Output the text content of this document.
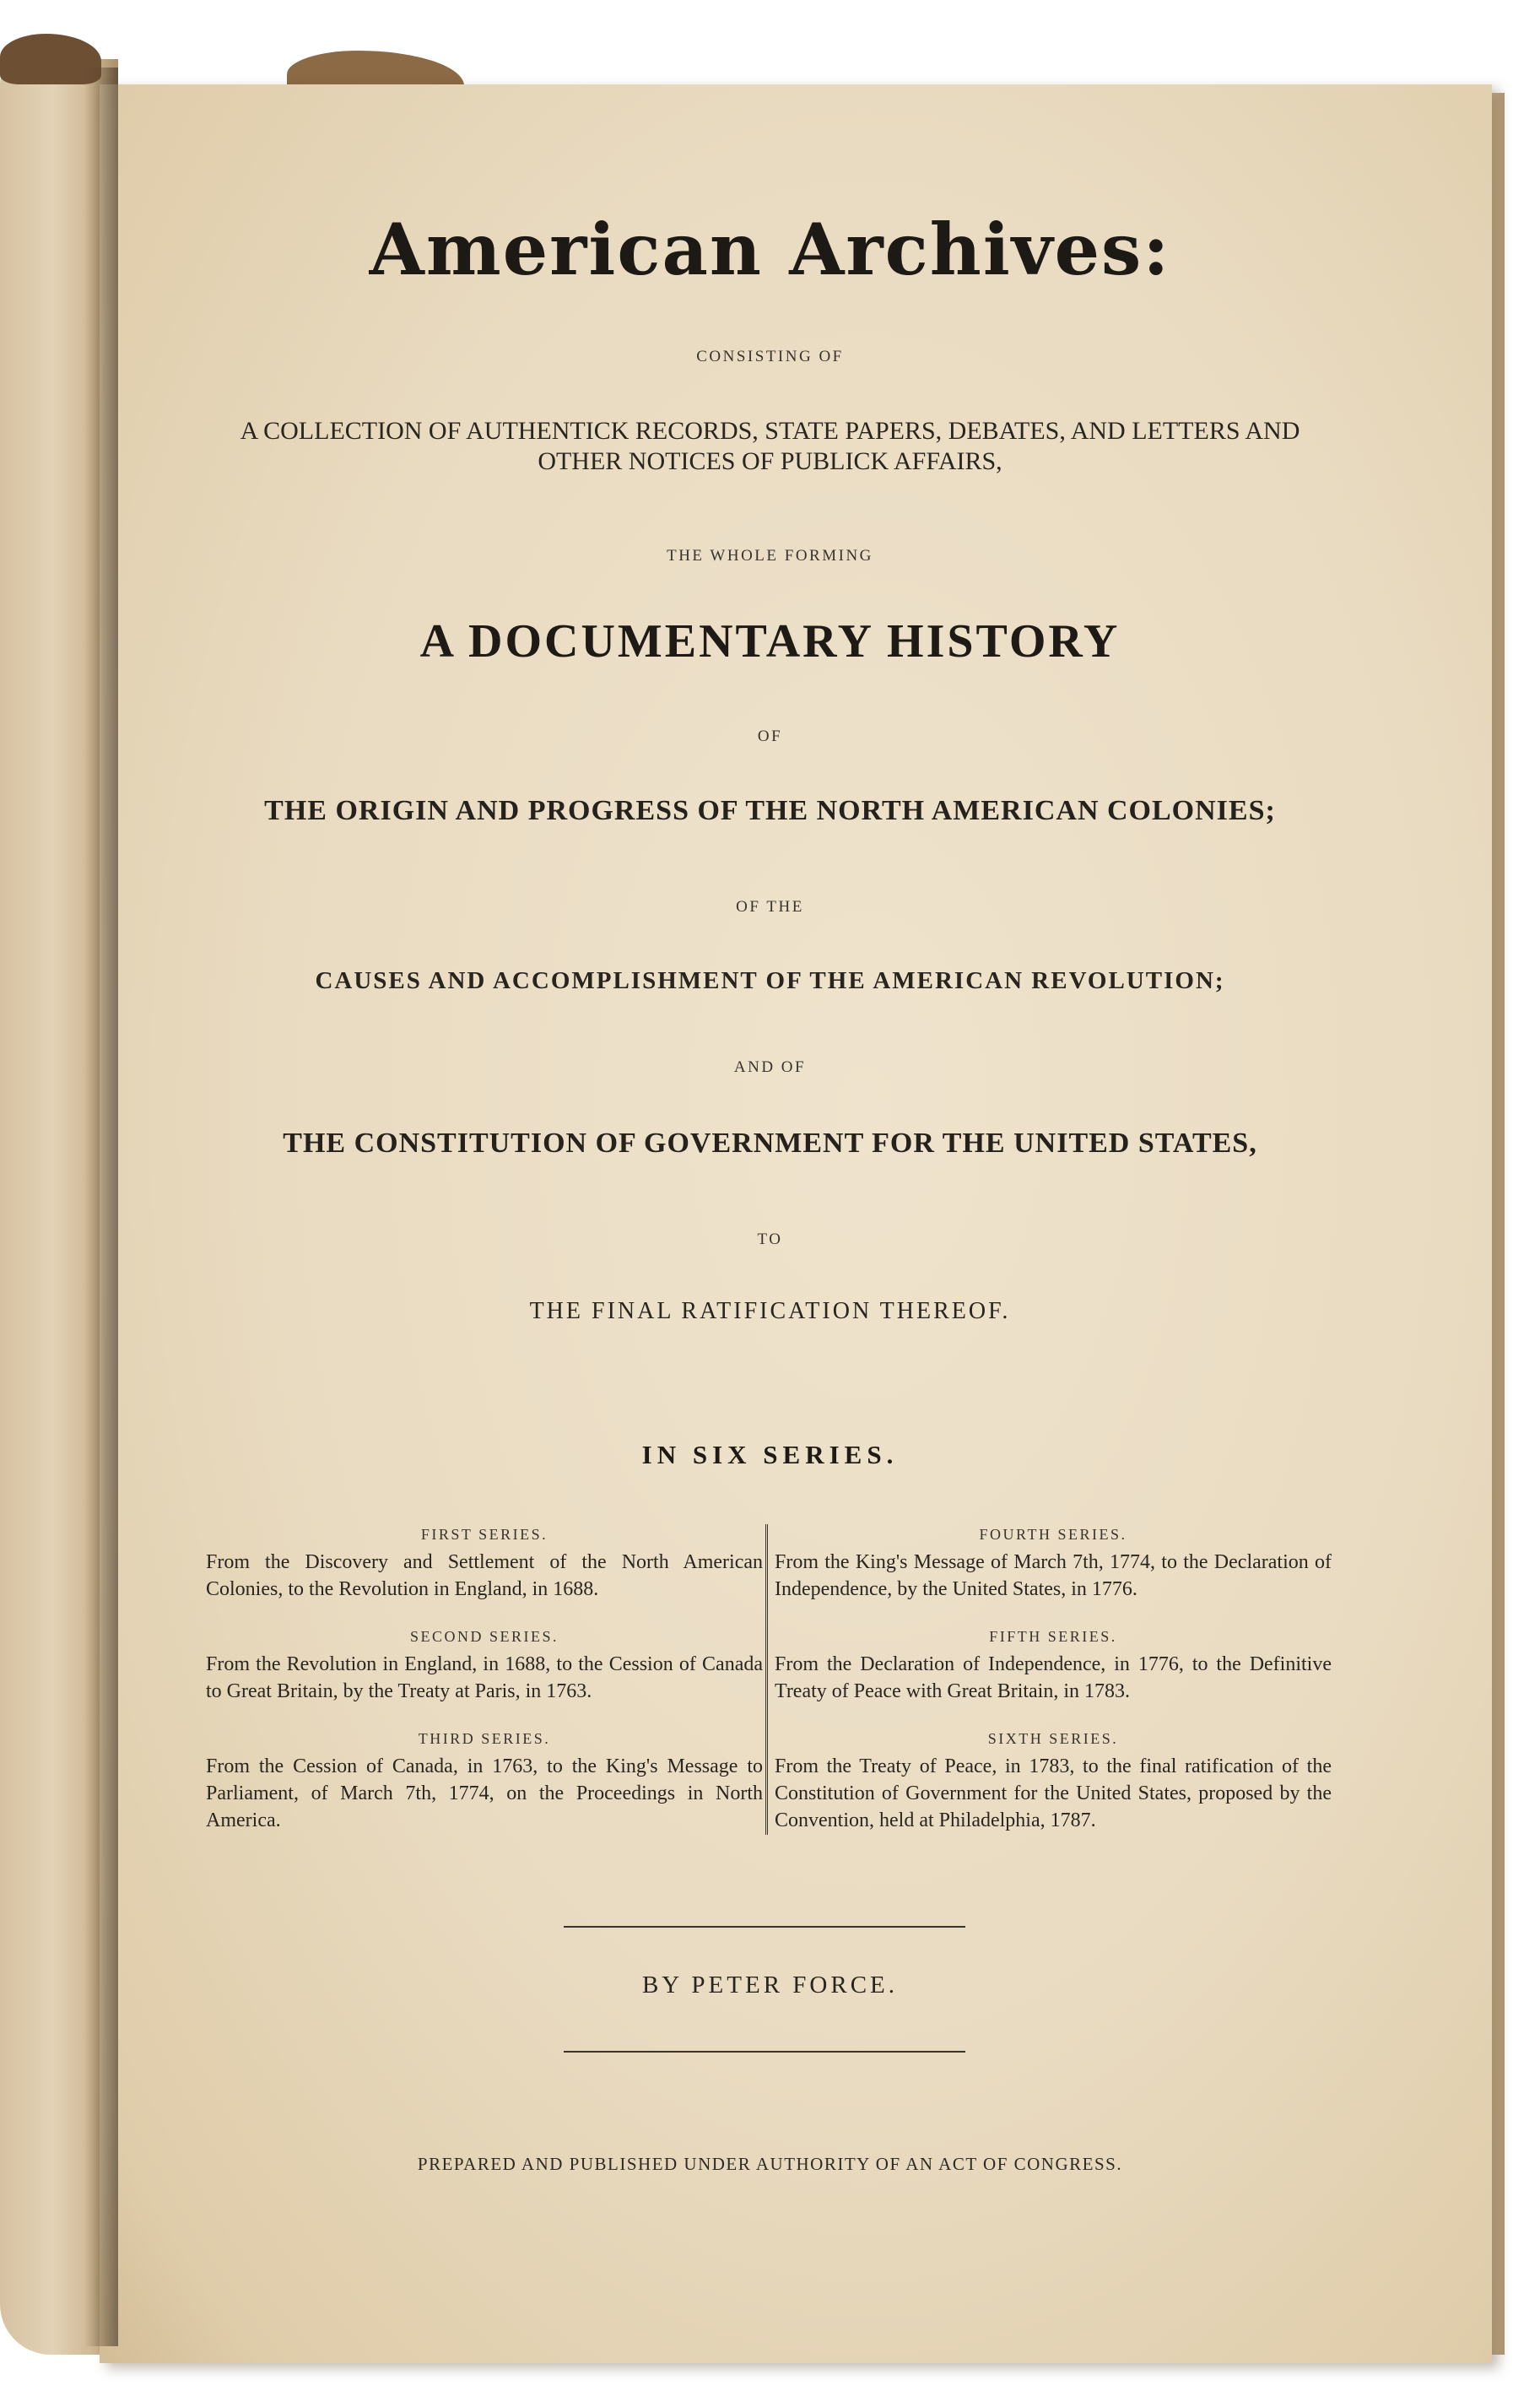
American Archives:
CONSISTING OF
A COLLECTION OF AUTHENTICK RECORDS, STATE PAPERS, DEBATES, AND LETTERS AND
OTHER NOTICES OF PUBLICK AFFAIRS,
THE WHOLE FORMING
A DOCUMENTARY HISTORY
OF
THE ORIGIN AND PROGRESS OF THE NORTH AMERICAN COLONIES;
OF THE
CAUSES AND ACCOMPLISHMENT OF THE AMERICAN REVOLUTION;
AND OF
THE CONSTITUTION OF GOVERNMENT FOR THE UNITED STATES,
TO
THE FINAL RATIFICATION THEREOF.
IN SIX SERIES.
FIRST SERIES.
From the Discovery and Settlement of the North American Colonies, to the Revolution in England, in 1688.
SECOND SERIES.
From the Revolution in England, in 1688, to the Cession of Canada to Great Britain, by the Treaty at Paris, in 1763.
THIRD SERIES.
From the Cession of Canada, in 1763, to the King's Message to Parliament, of March 7th, 1774, on the Proceedings in North America.
FOURTH SERIES.
From the King's Message of March 7th, 1774, to the Declaration of Independence, by the United States, in 1776.
FIFTH SERIES.
From the Declaration of Independence, in 1776, to the Definitive Treaty of Peace with Great Britain, in 1783.
SIXTH SERIES.
From the Treaty of Peace, in 1783, to the final ratification of the Constitution of Government for the United States, proposed by the Convention, held at Philadelphia, 1787.
BY PETER FORCE.
PREPARED AND PUBLISHED UNDER AUTHORITY OF AN ACT OF CONGRESS.
